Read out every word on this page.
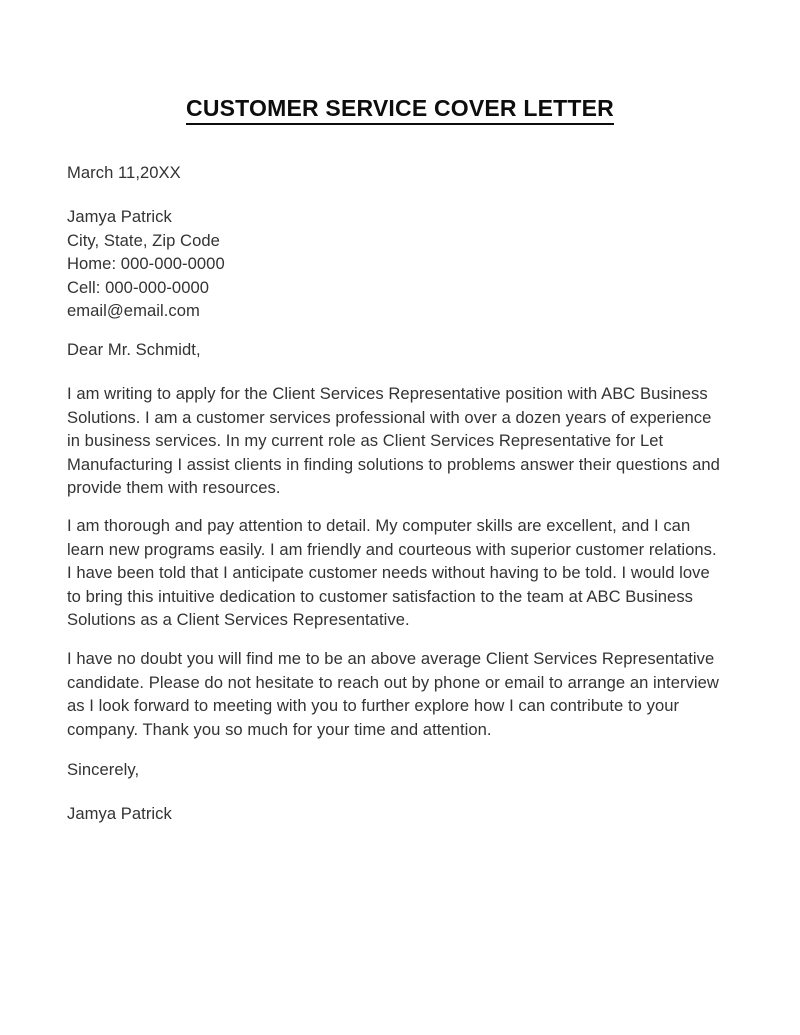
CUSTOMER SERVICE COVER LETTER
March 11,20XX
Jamya Patrick
City, State, Zip Code
Home: 000-000-0000
Cell: 000-000-0000
email@email.com
Dear Mr. Schmidt,

I am writing to apply for the Client Services Representative position with ABC Business Solutions. I am a customer services professional with over a dozen years of experience in business services. In my current role as Client Services Representative for Let Manufacturing I assist clients in finding solutions to problems answer their questions and provide them with resources.

I am thorough and pay attention to detail. My computer skills are excellent, and I can learn new programs easily. I am friendly and courteous with superior customer relations. I have been told that I anticipate customer needs without having to be told. I would love to bring this intuitive dedication to customer satisfaction to the team at ABC Business Solutions as a Client Services Representative.

I have no doubt you will find me to be an above average Client Services Representative candidate. Please do not hesitate to reach out by phone or email to arrange an interview as I look forward to meeting with you to further explore how I can contribute to your company. Thank you so much for your time and attention.

Sincerely,
Jamya Patrick
